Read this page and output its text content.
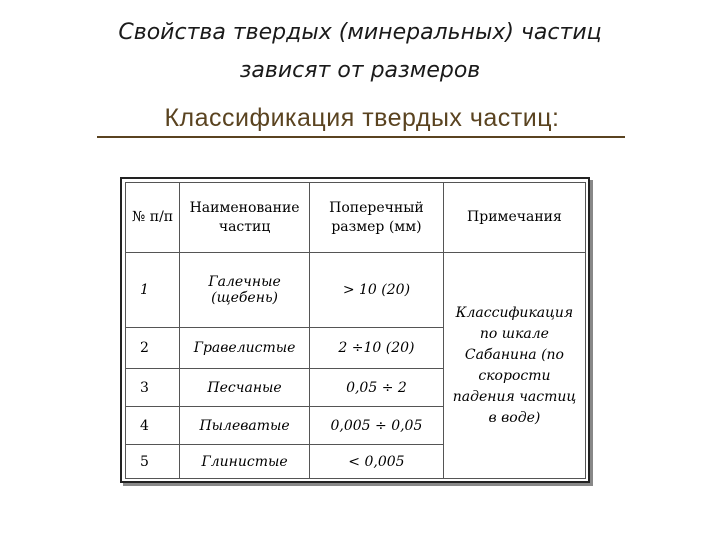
Свойства твердых (минеральных) частиц
зависят от размеров
Классификация твердых частиц:
№ п/п	Наименование частиц	Поперечный размер (мм)	Примечания
1	Галечные (щебень)	> 10 (20)	Классификация по шкале Сабанина (по скорости падения частиц в воде)
2	Гравелистые	2 ÷10 (20)	
3	Песчаные	0,05 ÷ 2	
4	Пылеватые	0,005 ÷ 0,05	
5	Глинистые	< 0,005	
